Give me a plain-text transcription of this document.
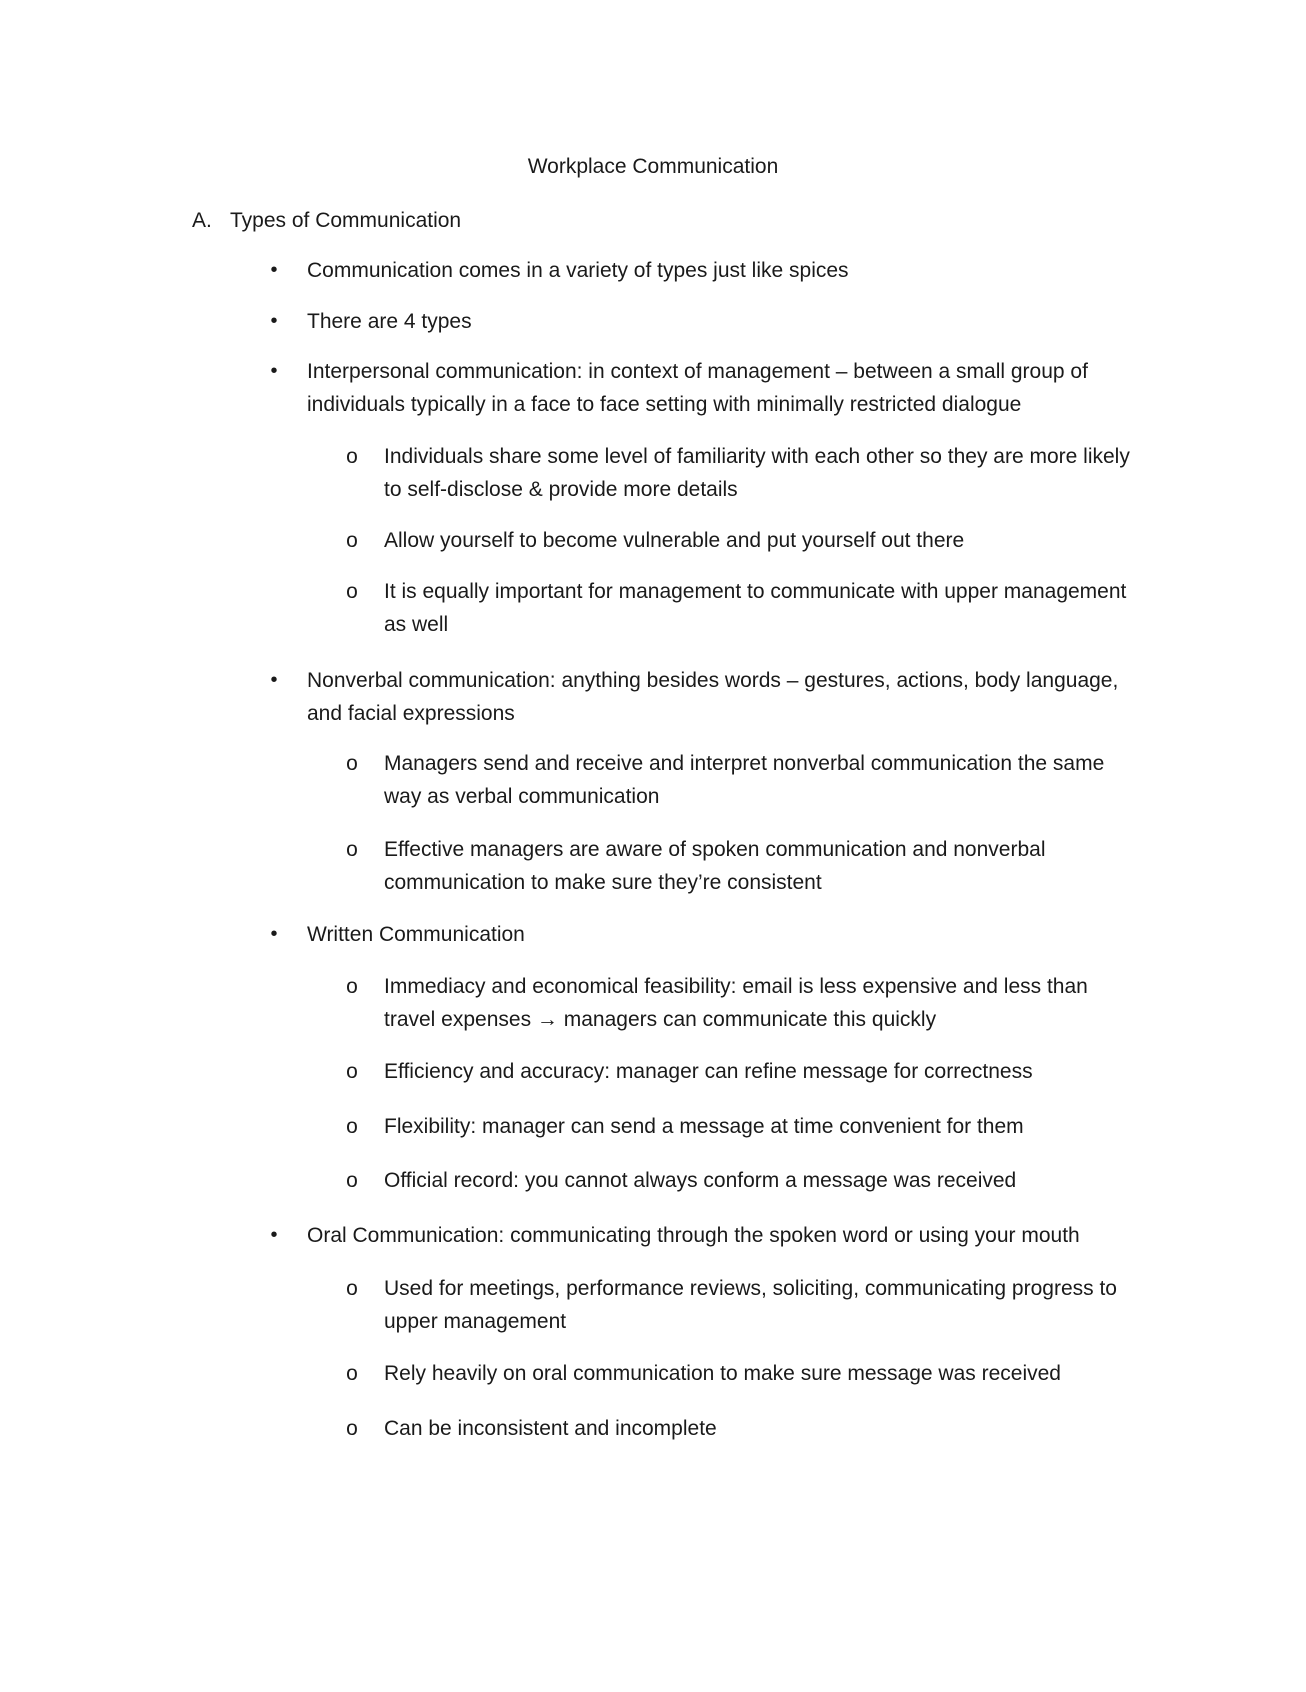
Workplace Communication
A. Types of Communication
•	Communication comes in a variety of types just like spices
•	There are 4 types
•	Interpersonal communication: in context of management – between a small group of individuals typically in a face to face setting with minimally restricted dialogue
o Individuals share some level of familiarity with each other so they are more likely to self-disclose & provide more details
o Allow yourself to become vulnerable and put yourself out there
o It is equally important for management to communicate with upper management as well
•	Nonverbal communication: anything besides words – gestures, actions, body language, and facial expressions
o Managers send and receive and interpret nonverbal communication the same way as verbal communication
o Effective managers are aware of spoken communication and nonverbal communication to make sure they’re consistent
•	Written Communication
o Immediacy and economical feasibility: email is less expensive and less than travel expenses → managers can communicate this quickly
o Efficiency and accuracy: manager can refine message for correctness
o Flexibility: manager can send a message at time convenient for them
o Official record: you cannot always conform a message was received
•	Oral Communication: communicating through the spoken word or using your mouth
o Used for meetings, performance reviews, soliciting, communicating progress to upper management
o Rely heavily on oral communication to make sure message was received
o Can be inconsistent and incomplete
